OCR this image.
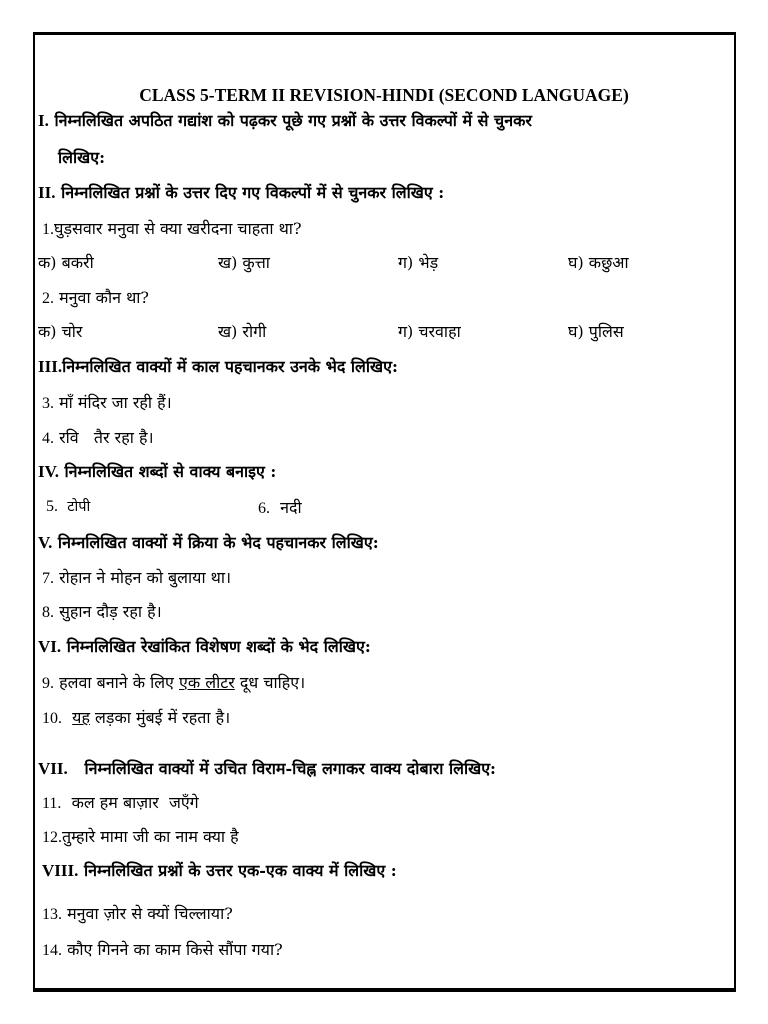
CLASS 5-TERM II REVISION-HINDI (SECOND LANGUAGE)
I. निम्नलिखित अपठित गद्यांश को पढ़कर पूछे गए प्रश्नों के उत्तर विकल्पों में से चुनकर
लिखिए:
II. निम्नलिखित प्रश्नों के उत्तर दिए गए विकल्पों में से चुनकर लिखिए :
1.घुड़सवार मनुवा से क्या खरीदना चाहता था?
क) बकरी	ख) कुत्ता	ग) भेड़	घ) कछुआ
2. मनुवा कौन था?
क) चोर	ख) रोगी	ग) चरवाहा	घ) पुलिस
III.निम्नलिखित वाक्यों में काल पहचानकर उनके भेद लिखिए:
3. माँ मंदिर जा रही हैं।
4. रवि   तैर रहा है।
IV. निम्नलिखित शब्दों से वाक्य बनाइए :
5. टोपी	6. नदी
V. निम्नलिखित वाक्यों में क्रिया के भेद पहचानकर लिखिए:
7. रोहान ने मोहन को बुलाया था।
8. सुहान दौड़ रहा है।
VI. निम्नलिखित रेखांकित विशेषण शब्दों के भेद लिखिए:
9. हलवा बनाने के लिए एक लीटर दूध चाहिए।
10. यह लड़का मुंबई में रहता है।
VII. निम्नलिखित वाक्यों में उचित विराम-चिह्न लगाकर वाक्य दोबारा लिखिए:
11. कल हम बाज़ार  जएँगे
12.तुम्हारे मामा जी का नाम क्या है
VIII. निम्नलिखित प्रश्नों के उत्तर एक-एक वाक्य में लिखिए :
13. मनुवा ज़ोर से क्यों चिल्लाया?
14. कौए गिनने का काम किसे सौंपा गया?
